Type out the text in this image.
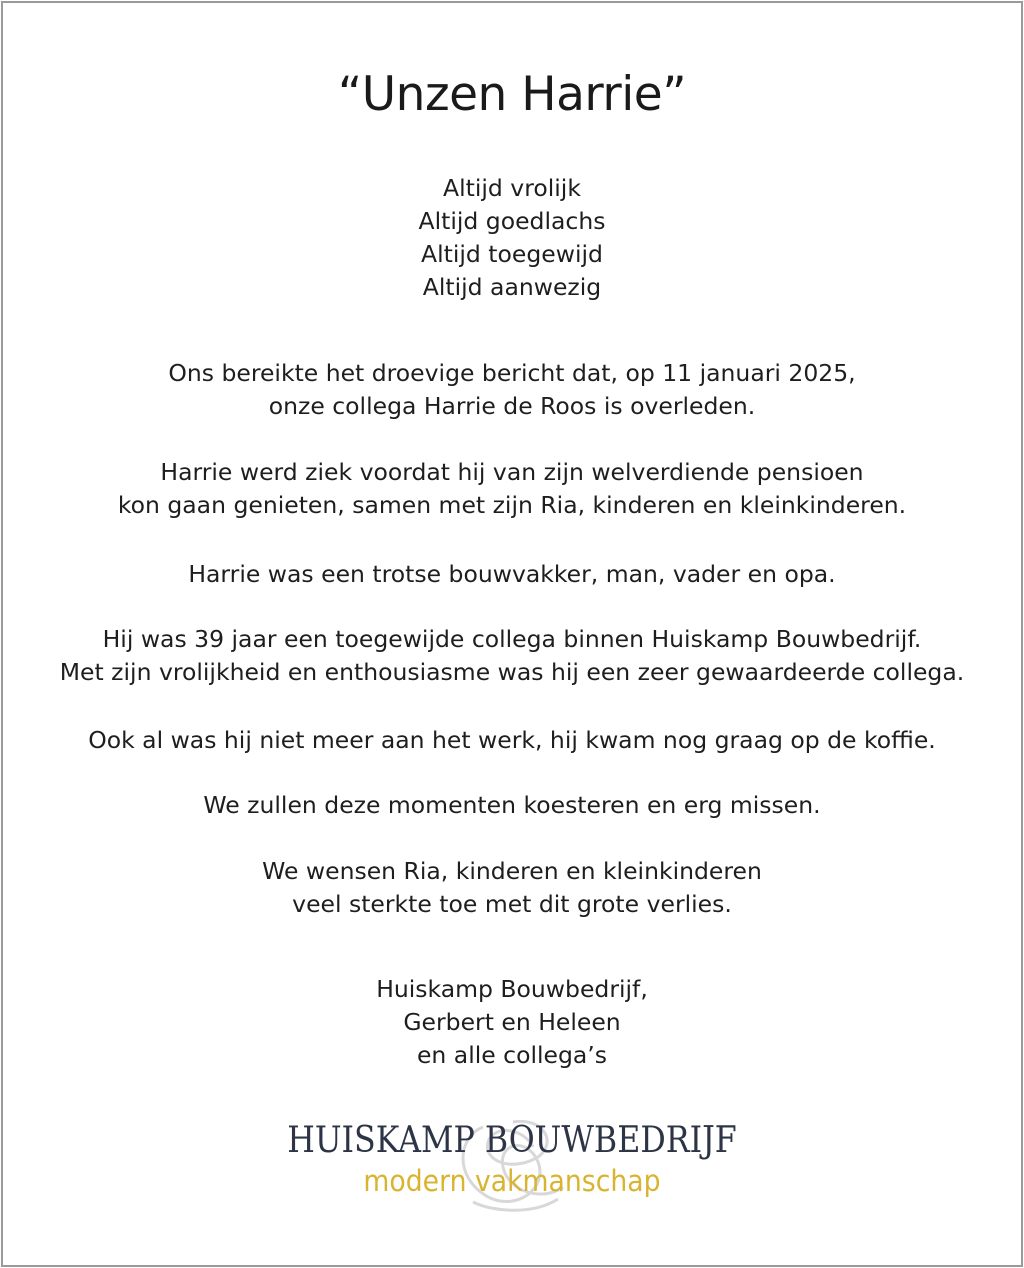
“Unzen Harrie”
Altijd vrolijk
Altijd goedlachs
Altijd toegewijd
Altijd aanwezig
Ons bereikte het droevige bericht dat, op 11 januari 2025,
onze collega Harrie de Roos is overleden.
Harrie werd ziek voordat hij van zijn welverdiende pensioen
kon gaan genieten, samen met zijn Ria, kinderen en kleinkinderen.
Harrie was een trotse bouwvakker, man, vader en opa.
Hij was 39 jaar een toegewijde collega binnen Huiskamp Bouwbedrijf.
Met zijn vrolijkheid en enthousiasme was hij een zeer gewaardeerde collega.
Ook al was hij niet meer aan het werk, hij kwam nog graag op de koffie.
We zullen deze momenten koesteren en erg missen.
We wensen Ria, kinderen en kleinkinderen
veel sterkte toe met dit grote verlies.
Huiskamp Bouwbedrijf,
Gerbert en Heleen
en alle collega’s
HUISKAMP BOUWBEDRIJF
modern vakmanschap
